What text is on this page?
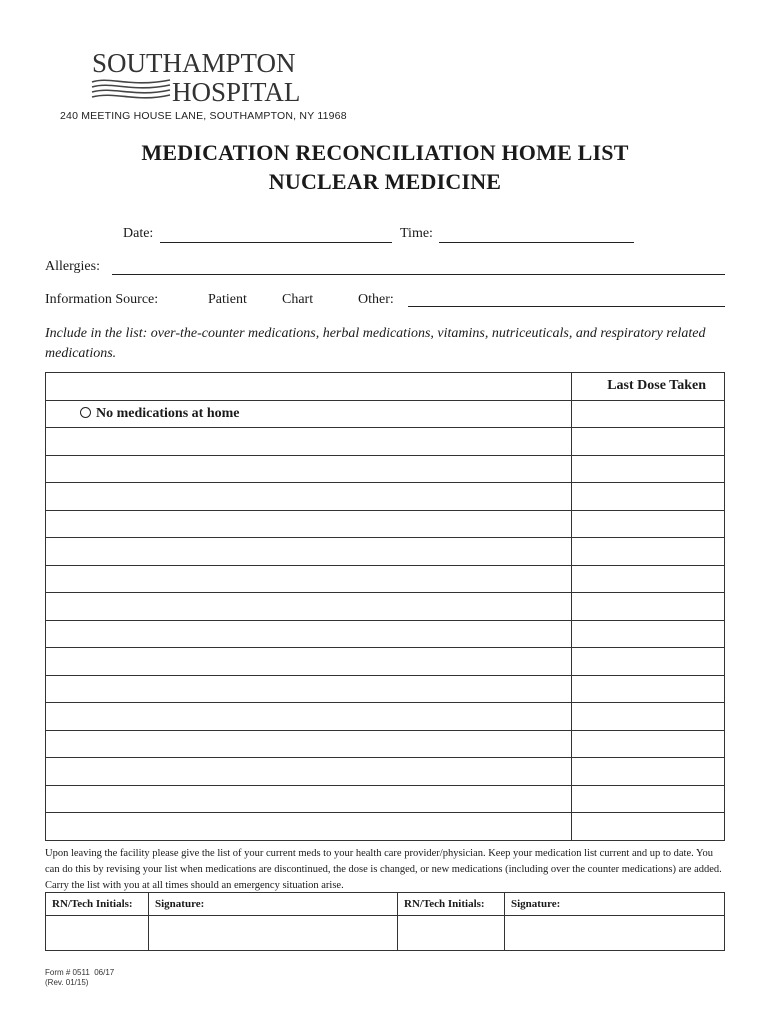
SOUTHAMPTON
HOSPITAL
240 MEETING HOUSE LANE, SOUTHAMPTON, NY 11968
MEDICATION RECONCILIATION HOME LIST
NUCLEAR MEDICINE
Date:	Time:
Allergies:
Information Source:	Patient	Chart	Other:
Include in the list: over-the-counter medications, herbal medications, vitamins, nutriceuticals, and respiratory related medications.
	Last Dose Taken
No medications at home	

Upon leaving the facility please give the list of your current meds to your health care provider/physician. Keep your medication list current and up to date. You can do this by revising your list when medications are discontinued, the dose is changed, or new medications (including over the counter medications) are added. Carry the list with you at all times should an emergency situation arise.
RN/Tech Initials:	Signature:	RN/Tech Initials:	Signature:

Form # 0511  06/17
(Rev. 01/15)
